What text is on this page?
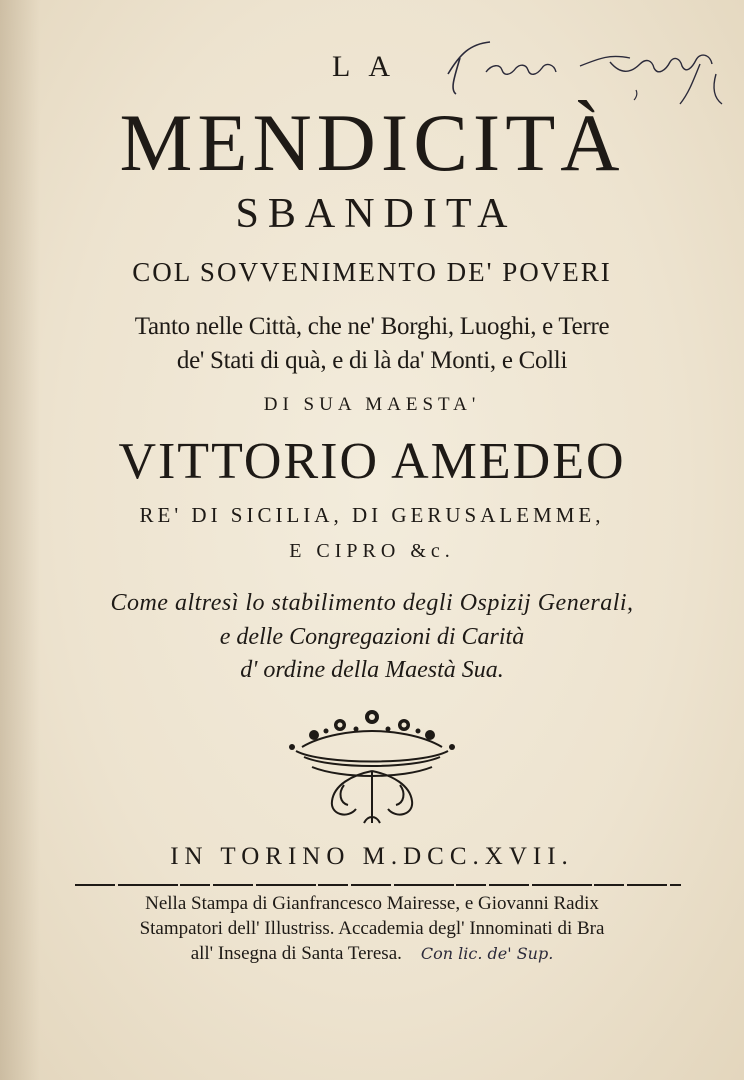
LA
MENDICITÀ
SBANDITA
COL SOVVENIMENTO DE' POVERI
Tanto nelle Città, che ne' Borghi, Luoghi, e Terre
de' Stati di quà, e di là da' Monti, e Colli
DI SUA MAESTA'
VITTORIO AMEDEO
RE' DI SICILIA, DI GERUSALEMME,
E CIPRO &c.
Come altresì lo stabilimento degli Ospizij Generali,
e delle Congregazioni di Carità
d' ordine della Maestà Sua.
IN TORINO M.DCC.XVII.
Nella Stampa di Gianfrancesco Mairesse, e Giovanni Radix
Stampatori dell' Illustriss. Accademia degl' Innominati di Bra
all' Insegna di Santa Teresa. Con lic. de' Sup.
